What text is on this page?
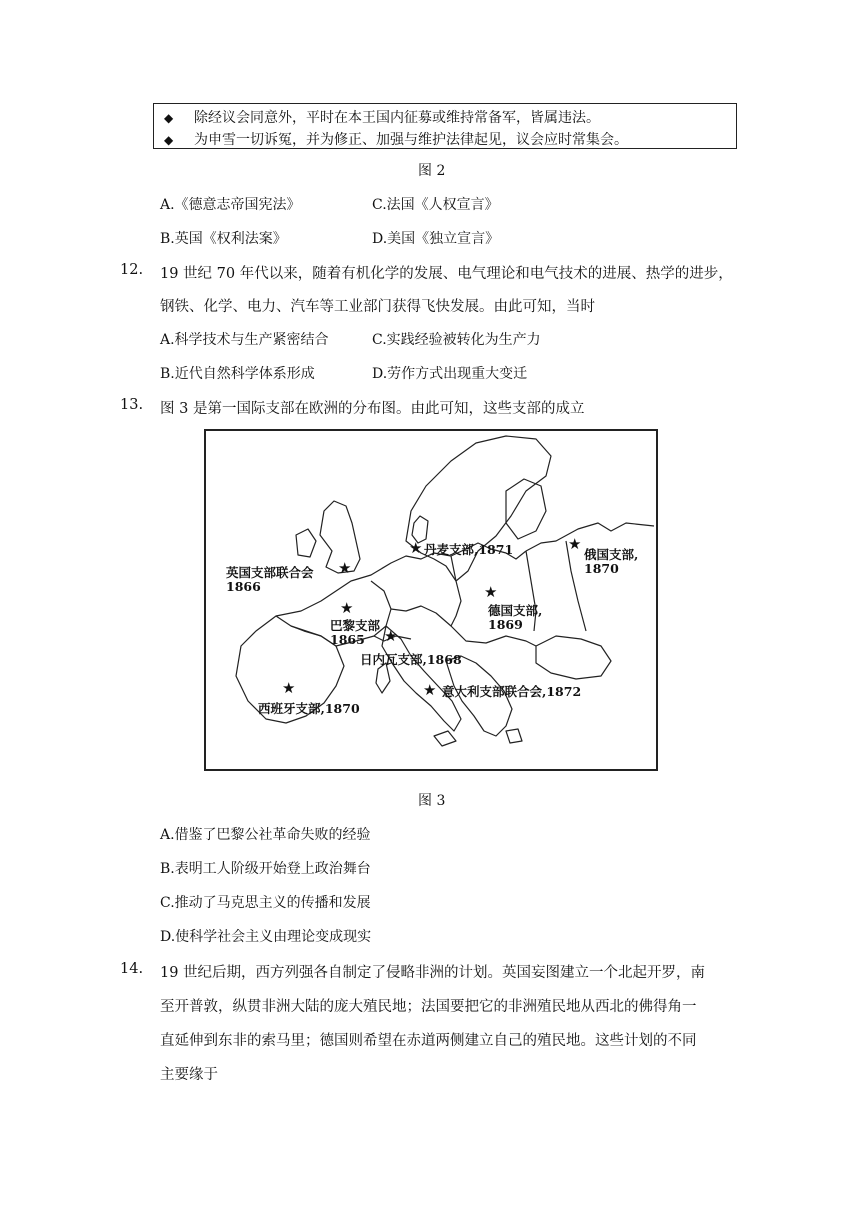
◆ 除经议会同意外，平时在本王国内征募或维持常备军，皆属违法。
◆ 为申雪一切诉冤，并为修正、加强与维护法律起见，议会应时常集会。
图 2
A.《德意志帝国宪法》	C.法国《人权宣言》
B.英国《权利法案》	D.美国《独立宣言》
12. 19 世纪 70 年代以来，随着有机化学的发展、电气理论和电气技术的进展、热学的进步，
钢铁、化学、电力、汽车等工业部门获得飞快发展。由此可知，当时
A.科学技术与生产紧密结合	C.实践经验被转化为生产力
B.近代自然科学体系形成	D.劳作方式出现重大变迁
13. 图 3 是第一国际支部在欧洲的分布图。由此可知，这些支部的成立
★	★
★
★
★
★
★	★
丹麦支部,1871	俄国支部,
1870
英国支部联合会
1866
德国支部,
1869
巴黎支部
1865
日内瓦支部,1868
西班牙支部,1870
意大利支部联合会,1872
图 3
A.借鉴了巴黎公社革命失败的经验
B.表明工人阶级开始登上政治舞台
C.推动了马克思主义的传播和发展
D.使科学社会主义由理论变成现实
14. 19 世纪后期，西方列强各自制定了侵略非洲的计划。英国妄图建立一个北起开罗，南
至开普敦，纵贯非洲大陆的庞大殖民地；法国要把它的非洲殖民地从西北的佛得角一
直延伸到东非的索马里；德国则希望在赤道两侧建立自己的殖民地。这些计划的不同
主要缘于
